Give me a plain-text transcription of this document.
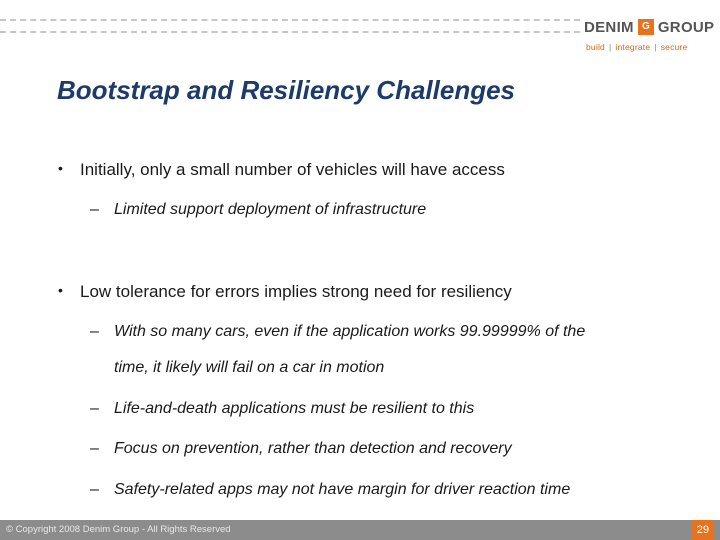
DENIM G GROUP
build | integrate | secure
Bootstrap and Resiliency Challenges
•	Initially, only a small number of vehicles will have access
– Limited support deployment of infrastructure
•	Low tolerance for errors implies strong need for resiliency
– With so many cars, even if the application works 99.99999% of the
time, it likely will fail on a car in motion
– Life-and-death applications must be resilient to this
– Focus on prevention, rather than detection and recovery
– Safety-related apps may not have margin for driver reaction time
© Copyright 2008 Denim Group - All Rights Reserved	29
